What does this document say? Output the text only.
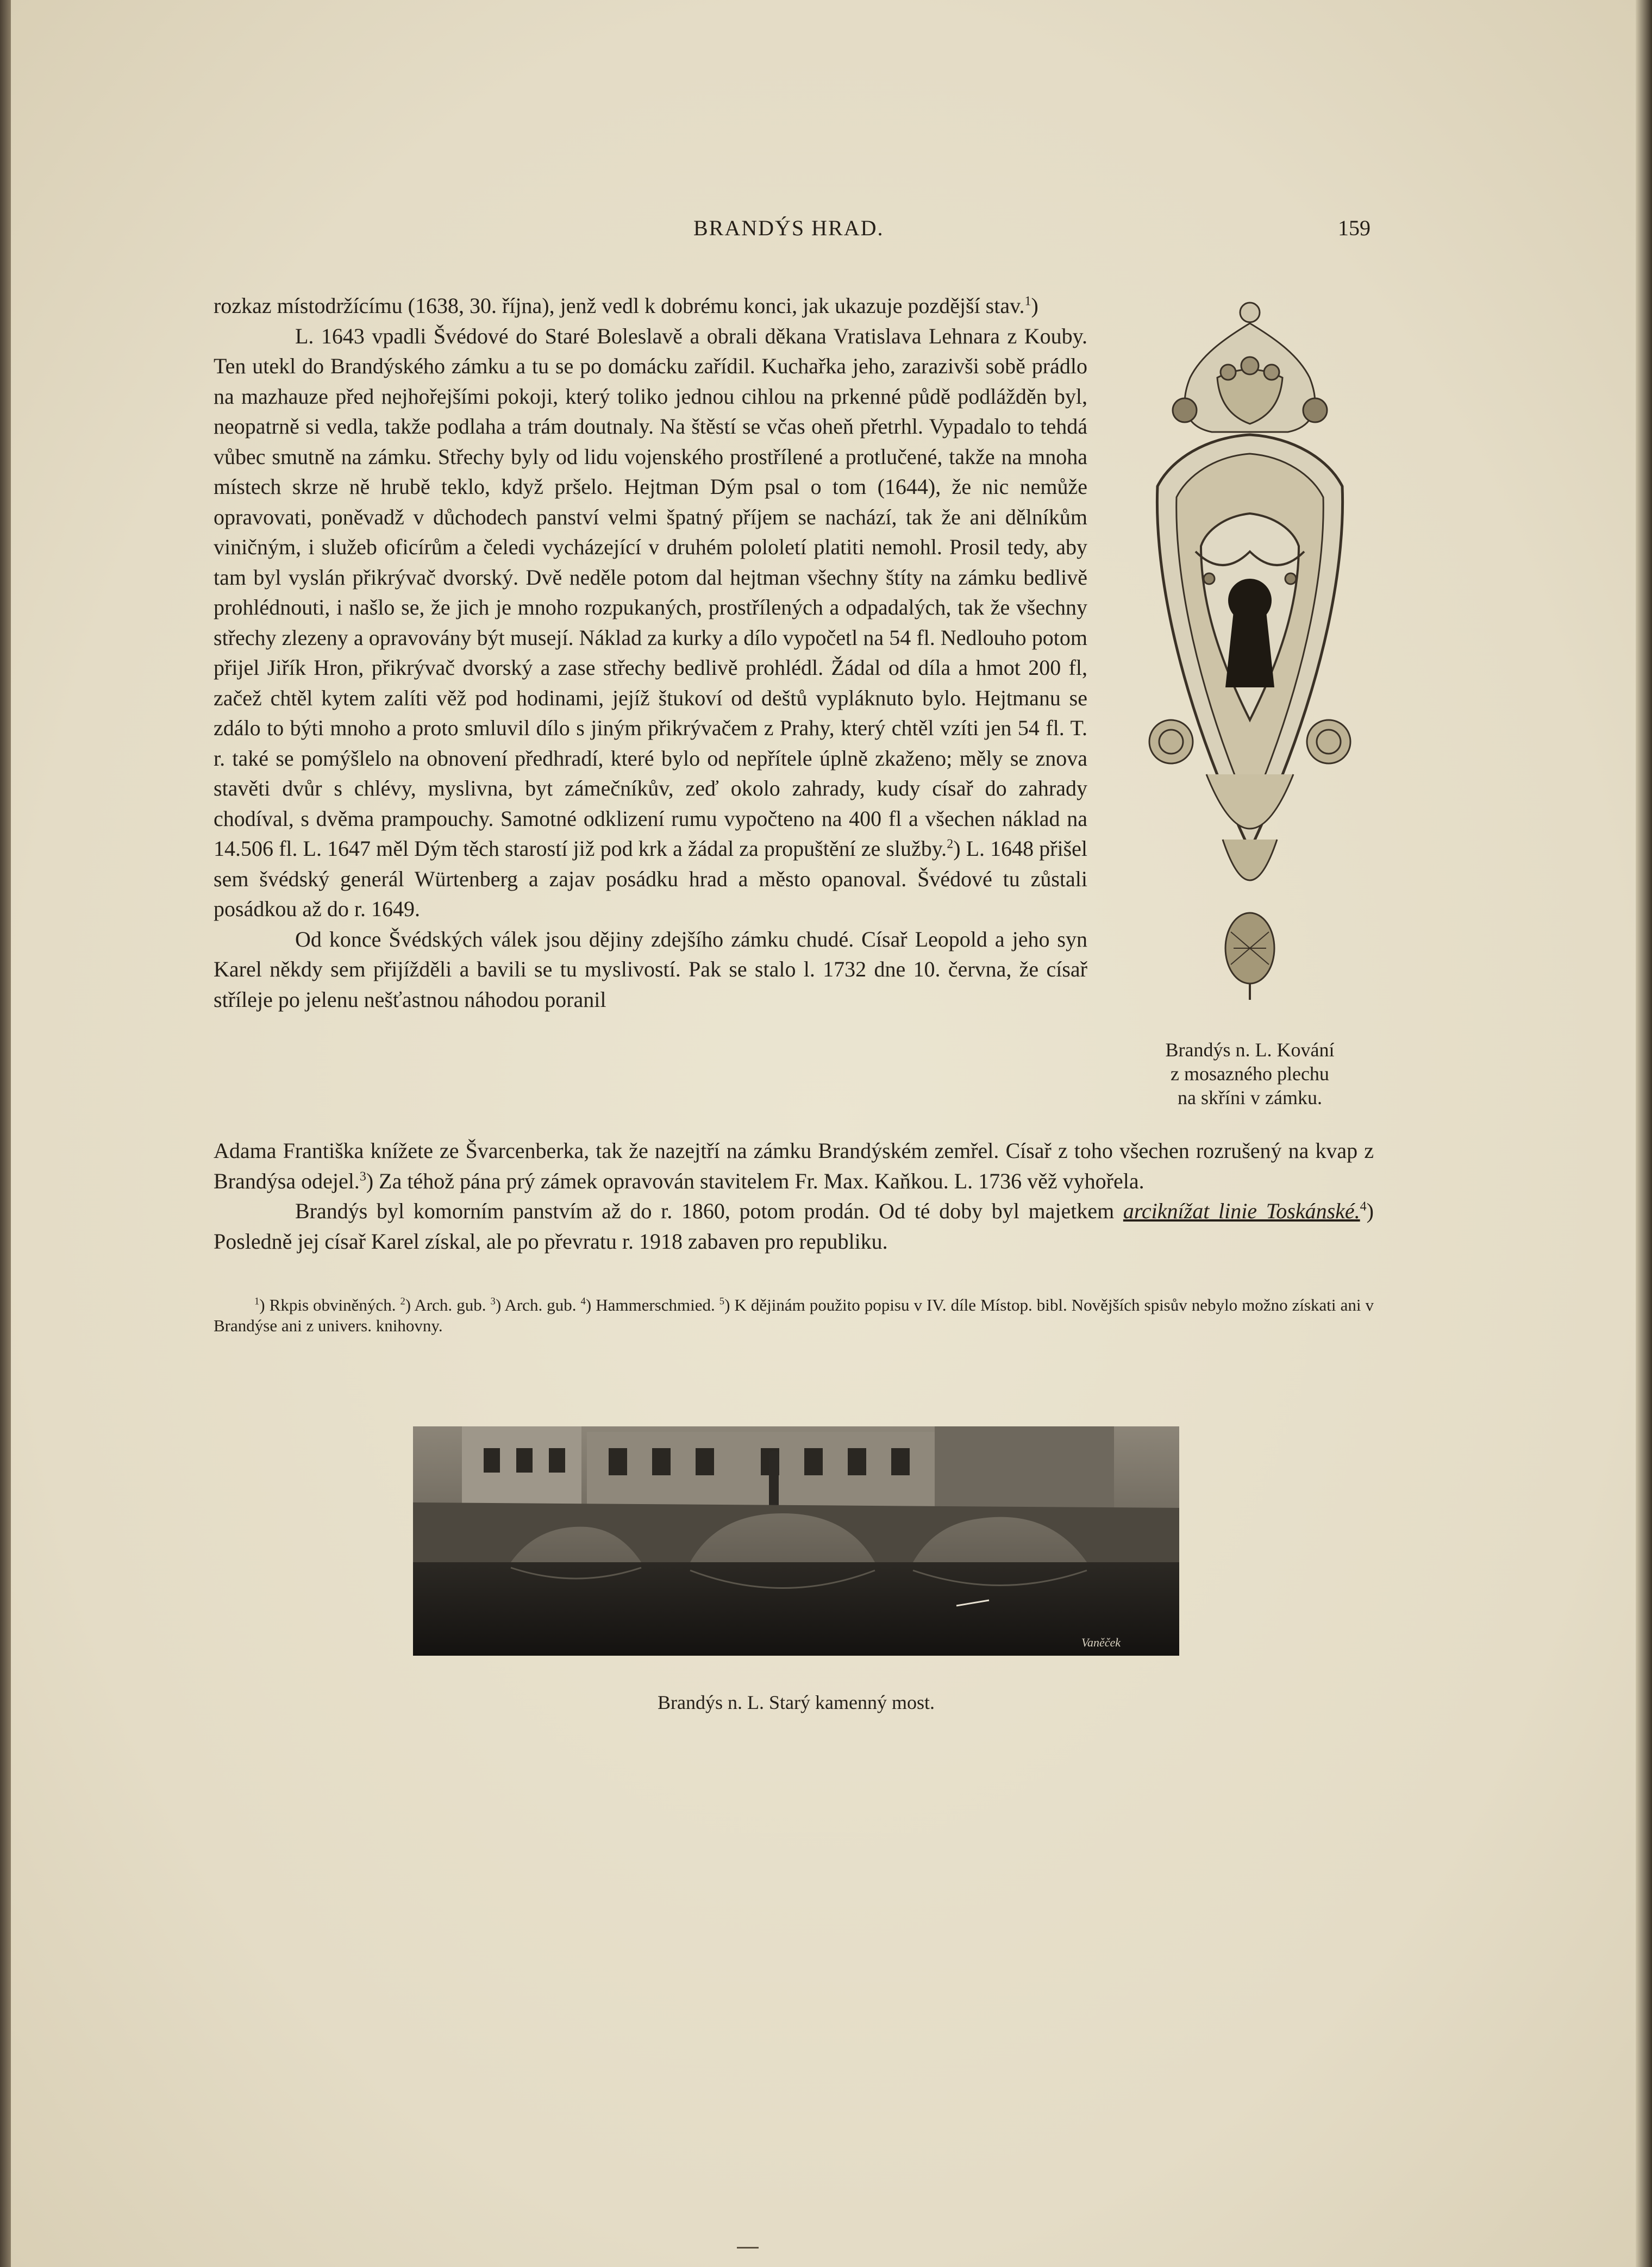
BRANDÝS HRAD.	159

rozkaz místodržícímu (1638, 30. října), jenž vedl k dobrému konci, jak ukazuje pozdější stav.$^1$)

L. 1643 vpadli Švédové do Staré Boleslavě a obrali děkana Vratislava Lehnara z Kouby. Ten utekl do Brandýského zámku a tu se po domácku zařídil. Kuchařka jeho, zarazivši sobě prádlo na mazhauze před nejhořejšími pokoji, který toliko jednou cihlou na prkenné půdě podlážděn byl, neopatrně si vedla, takže podlaha a trám doutnaly. Na štěstí se včas oheň přetrhl. Vypadalo to tehdá vůbec smutně na zámku. Střechy byly od lidu vojenského prostřílené a protlučené, takže na mnoha místech skrze ně hrubě teklo, když pršelo. Hejtman Dým psal o tom (1644), že nic nemůže opravovati, poněvadž v důchodech panství velmi špatný příjem se nachází, tak že ani dělníkům viničným, i služeb oficírům a čeledi vycházející v druhém pololetí platiti nemohl. Prosil tedy, aby tam byl vyslán přikrývač dvorský. Dvě neděle potom dal hejtman všechny štíty na zámku bedlivě prohlédnouti, i našlo se, že jich je mnoho rozpukaných, prostřílených a odpadalých, tak že všechny střechy zlezeny a opravovány být musejí. Náklad za kurky a dílo vypočetl na 54 fl. Nedlouho potom přijel Jiřík Hron, přikrývač dvorský a zase střechy bedlivě prohlédl. Žádal od díla a hmot 200 fl, začež chtěl kytem zalíti věž pod hodinami, jejíž štukoví od deštů vypláknuto bylo. Hejtmanu se zdálo to býti mnoho a proto smluvil dílo s jiným přikrývačem z Prahy, který chtěl vzíti jen 54 fl. T. r. také se pomýšlelo na obnovení předhradí, které bylo od nepřítele úplně zkaženo; měly se znova stavěti dvůr s chlévy, myslivna, byt zámečníkův, zeď okolo zahrady, kudy císař do zahrady chodíval, s dvěma prampouchy. Samotné odklizení rumu vypočteno na 400 fl a všechen náklad na 14.506 fl. L. 1647 měl Dým těch starostí již pod krk a žádal za propuštění ze služby.$^2$) L. 1648 přišel sem švédský generál Würtenberg a zajav posádku hrad a město opanoval. Švédové tu zůstali posádkou až do r. 1649.

Od konce Švédských válek jsou dějiny zdejšího zámku chudé. Císař Leopold a jeho syn Karel někdy sem přijížděli a bavili se tu myslivostí. Pak se stalo l. 1732 dne 10. června, že císař stříleje po jelenu nešťastnou náhodou poranil

Adama Františka knížete ze Švarcenberka, tak že nazejtří na zámku Brandýském zemřel. Císař z toho všechen rozrušený na kvap z Brandýsa odejel.$^3$) Za téhož pána prý zámek opravován stavitelem Fr. Max. Kaňkou. L. 1736 věž vyhořela.

Brandýs byl komorním panstvím až do r. 1860, potom prodán. Od té doby byl majetkem arciknížat linie Toskánské.$^4$) Posledně jej císař Karel získal, ale po převratu r. 1918 zabaven pro republiku.

$^1$) Rkpis obviněných. $^2$) Arch. gub. $^3$) Arch. gub. $^4$) Hammerschmied. $^5$) K dějinám použito popisu v IV. díle Místop. bibl. Novějších spisův nebylo možno získati ani v Brandýse ani z univers. knihovny.

Brandýs n. L. Kování
z mosazného plechu
na skříni v zámku.
Vaněček
Brandýs n. L. Starý kamenný most.
